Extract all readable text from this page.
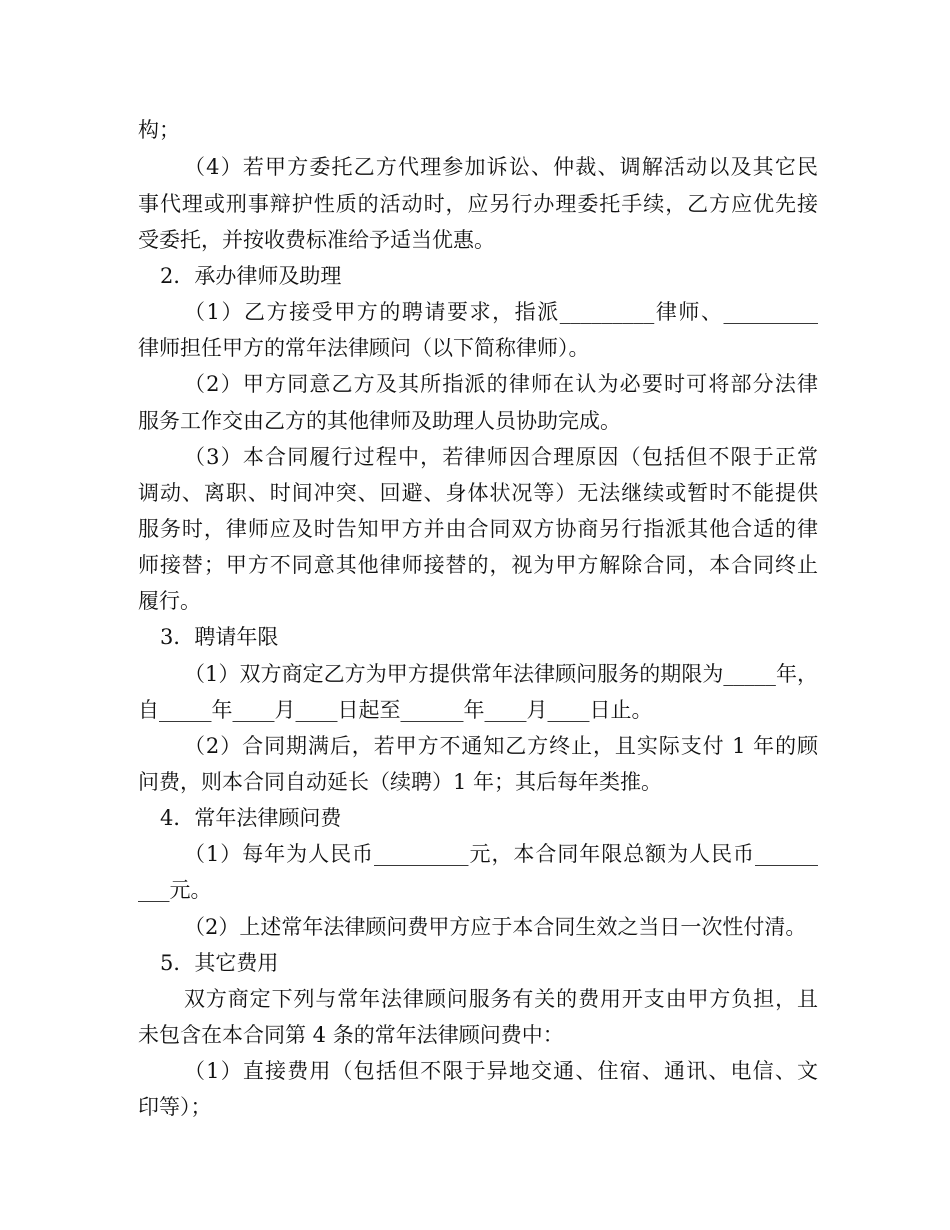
构；
（4）若甲方委托乙方代理参加诉讼、仲裁、调解活动以及其它民
事代理或刑事辩护性质的活动时，应另行办理委托手续，乙方应优先接
受委托，并按收费标准给予适当优惠。
2．承办律师及助理
（1）乙方接受甲方的聘请要求，指派_________律师、_________
律师担任甲方的常年法律顾问（以下简称律师）。
（2）甲方同意乙方及其所指派的律师在认为必要时可将部分法律
服务工作交由乙方的其他律师及助理人员协助完成。
（3）本合同履行过程中，若律师因合理原因（包括但不限于正常
调动、离职、时间冲突、回避、身体状况等）无法继续或暂时不能提供
服务时，律师应及时告知甲方并由合同双方协商另行指派其他合适的律
师接替；甲方不同意其他律师接替的，视为甲方解除合同，本合同终止
履行。
3．聘请年限
（1）双方商定乙方为甲方提供常年法律顾问服务的期限为_____年，
自_____年____月____日起至______年____月____日止。
（2）合同期满后，若甲方不通知乙方终止，且实际支付 1 年的顾
问费，则本合同自动延长（续聘）1 年；其后每年类推。
4．常年法律顾问费
（1）每年为人民币_________元，本合同年限总额为人民币______
___元。
（2）上述常年法律顾问费甲方应于本合同生效之当日一次性付清。
5．其它费用
双方商定下列与常年法律顾问服务有关的费用开支由甲方负担，且
未包含在本合同第 4 条的常年法律顾问费中：
（1）直接费用（包括但不限于异地交通、住宿、通讯、电信、文
印等）；
